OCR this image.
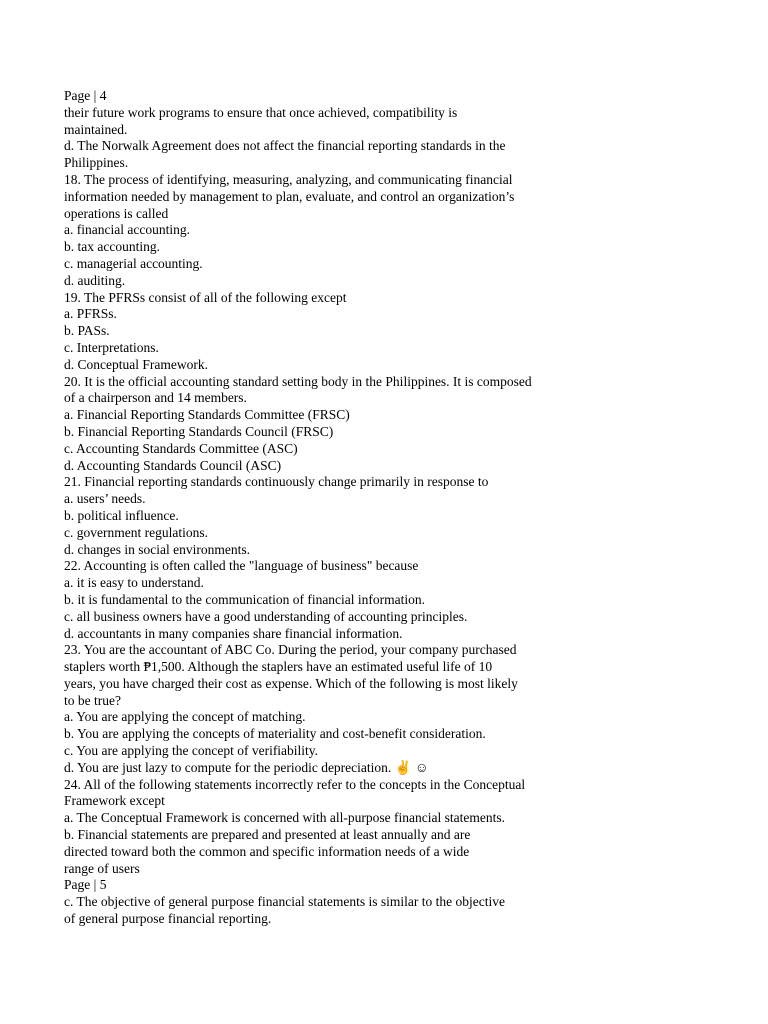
Page | 4
their future work programs to ensure that once achieved, compatibility is
maintained.
d. The Norwalk Agreement does not affect the financial reporting standards in the
Philippines.
18. The process of identifying, measuring, analyzing, and communicating financial
information needed by management to plan, evaluate, and control an organization’s
operations is called
a. financial accounting.
b. tax accounting.
c. managerial accounting.
d. auditing.
19. The PFRSs consist of all of the following except
a. PFRSs.
b. PASs.
c. Interpretations.
d. Conceptual Framework.
20. It is the official accounting standard setting body in the Philippines. It is composed
of a chairperson and 14 members.
a. Financial Reporting Standards Committee (FRSC)
b. Financial Reporting Standards Council (FRSC)
c. Accounting Standards Committee (ASC)
d. Accounting Standards Council (ASC)
21. Financial reporting standards continuously change primarily in response to
a. users’ needs.
b. political influence.
c. government regulations.
d. changes in social environments.
22. Accounting is often called the "language of business" because
a. it is easy to understand.
b. it is fundamental to the communication of financial information.
c. all business owners have a good understanding of accounting principles.
d. accountants in many companies share financial information.
23. You are the accountant of ABC Co. During the period, your company purchased
staplers worth ₱1,500. Although the staplers have an estimated useful life of 10
years, you have charged their cost as expense. Which of the following is most likely
to be true?
a. You are applying the concept of matching.
b. You are applying the concepts of materiality and cost-benefit consideration.
c. You are applying the concept of verifiability.
d. You are just lazy to compute for the periodic depreciation. ✌ ☺
24. All of the following statements incorrectly refer to the concepts in the Conceptual
Framework except
a. The Conceptual Framework is concerned with all-purpose financial statements.
b. Financial statements are prepared and presented at least annually and are
directed toward both the common and specific information needs of a wide
range of users
Page | 5
c. The objective of general purpose financial statements is similar to the objective
of general purpose financial reporting.
